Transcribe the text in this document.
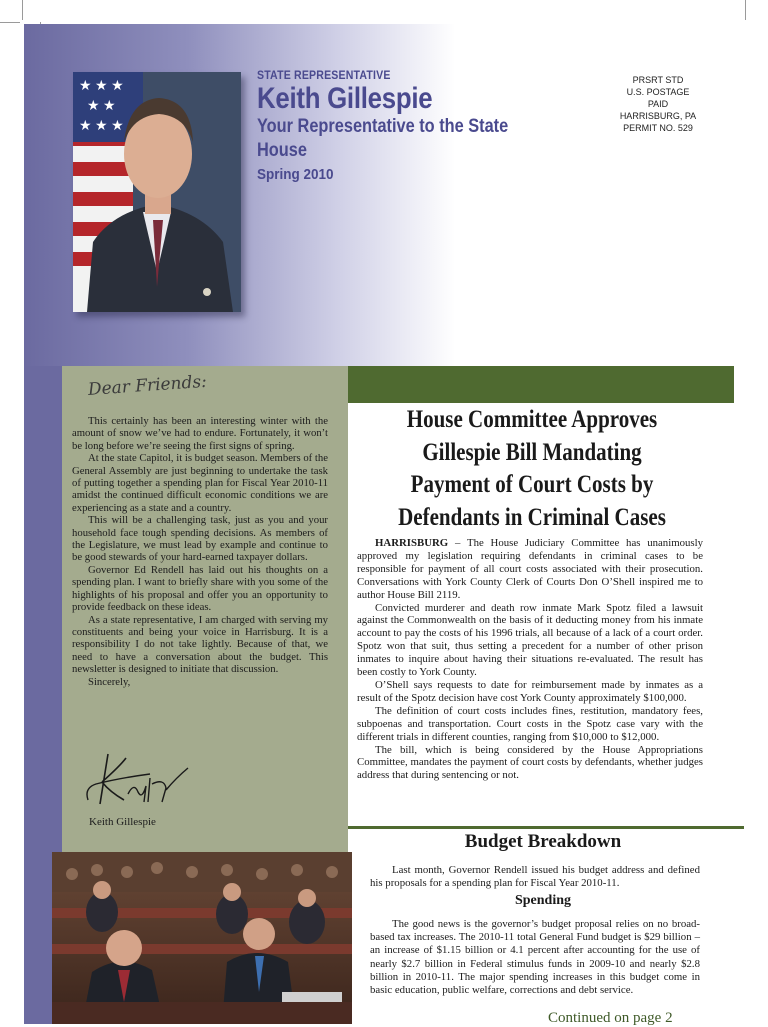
★ ★ ★
★ ★
★ ★ ★
STATE REPRESENTATIVE
Keith Gillespie
Your Representative to the State House
Spring 2010
PRSRT STD
U.S. POSTAGE
PAID
HARRISBURG, PA
PERMIT NO. 529
Dear Friends:

This certainly has been an interesting winter with the amount of snow we’ve had to endure. Fortunately, it won’t be long before we’re seeing the first signs of spring.

At the state Capitol, it is budget season. Members of the General Assembly are just beginning to undertake the task of putting together a spending plan for Fiscal Year 2010-11 amidst the continued difficult economic conditions we are experiencing as a state and a country.

This will be a challenging task, just as you and your household face tough spending decisions. As members of the Legislature, we must lead by example and continue to be good stewards of your hard-earned taxpayer dollars.

Governor Ed Rendell has laid out his thoughts on a spending plan. I want to briefly share with you some of the highlights of his proposal and offer you an opportunity to provide feedback on these ideas.

As a state representative, I am charged with serving my constituents and being your voice in Harrisburg. It is a responsibility I do not take lightly. Because of that, we need to have a conversation about the budget. This newsletter is designed to initiate that discussion.

Sincerely,

Keith Gillespie
House Committee Approves Gillespie Bill Mandating Payment of Court Costs by Defendants in Criminal Cases

HARRISBURG – The House Judiciary Committee has unanimously approved my legislation requiring defendants in criminal cases to be responsible for payment of all court costs associated with their prosecution. Conversations with York County Clerk of Courts Don O’Shell inspired me to author House Bill 2119.

Convicted murderer and death row inmate Mark Spotz filed a lawsuit against the Commonwealth on the basis of it deducting money from his inmate account to pay the costs of his 1996 trials, all because of a lack of a court order. Spotz won that suit, thus setting a precedent for a number of other prison inmates to inquire about having their situations re-evaluated. The result has been costly to York County.

O’Shell says requests to date for reimbursement made by inmates as a result of the Spotz decision have cost York County approximately $100,000.

The definition of court costs includes fines, restitution, mandatory fees, subpoenas and transportation. Court costs in the Spotz case vary with the different trials in different counties, ranging from $10,000 to $12,000.

The bill, which is being considered by the House Appropriations Committee, mandates the payment of court costs by defendants, whether judges address that during sentencing or not.

Budget Breakdown

Last month, Governor Rendell issued his budget address and defined his proposals for a spending plan for Fiscal Year 2010-11.

Spending

The good news is the governor’s budget proposal relies on no broad-based tax increases. The 2010-11 total General Fund budget is $29 billion – an increase of $1.15 billion or 4.1 percent after accounting for the use of nearly $2.7 billion in Federal stimulus funds in 2009-10 and nearly $2.8 billion in 2010-11. The major spending increases in this budget come in basic education, public welfare, corrections and debt service.

Continued on page 2
